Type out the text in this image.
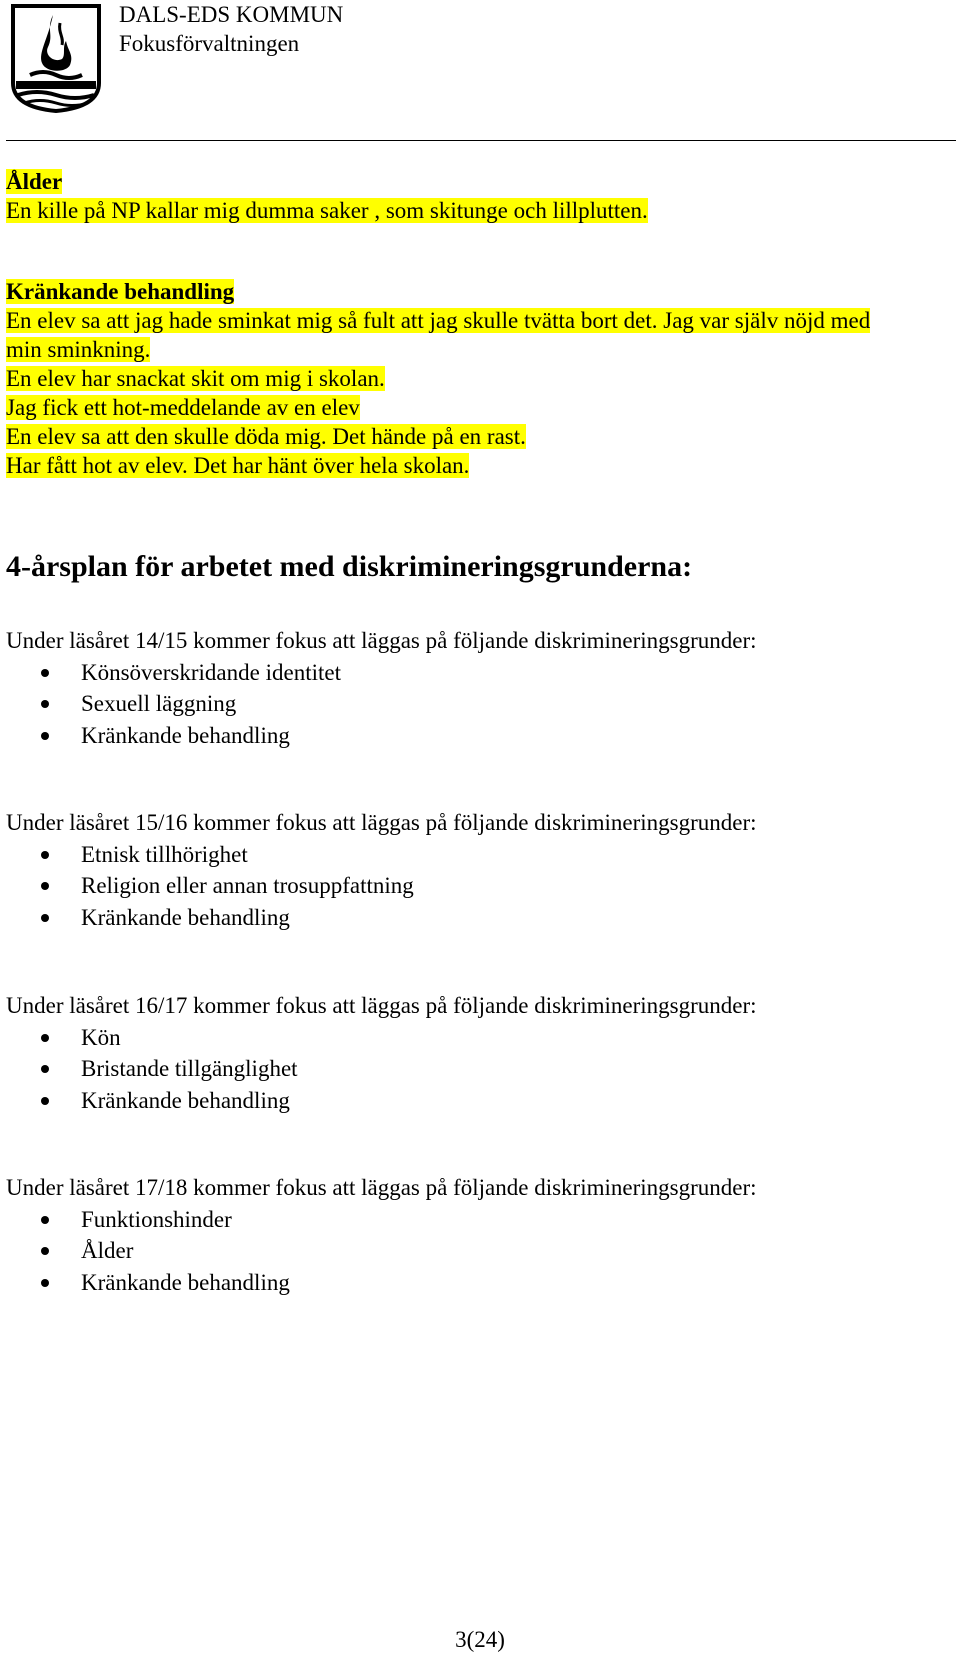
DALS-EDS KOMMUN
Fokusförvaltningen

Ålder

En kille på NP kallar mig dumma saker , som skitunge och lillplutten.

Kränkande behandling

En elev sa att jag hade sminkat mig så fult att jag skulle tvätta bort det. Jag var själv nöjd med

min sminkning.

En elev har snackat skit om mig i skolan.

Jag fick ett hot-meddelande av en elev

En elev sa att den skulle döda mig. Det hände på en rast.

Har fått hot av elev. Det har hänt över hela skolan.

4-årsplan för arbetet med diskrimineringsgrunderna:

Under läsåret 14/15 kommer fokus att läggas på följande diskrimineringsgrunder:

Könsöverskridande identitet
Sexuell läggning
Kränkande behandling

Under läsåret 15/16 kommer fokus att läggas på följande diskrimineringsgrunder:

Etnisk tillhörighet
Religion eller annan trosuppfattning
Kränkande behandling

Under läsåret 16/17 kommer fokus att läggas på följande diskrimineringsgrunder:

Kön
Bristande tillgänglighet
Kränkande behandling

Under läsåret 17/18 kommer fokus att läggas på följande diskrimineringsgrunder:

Funktionshinder
Ålder
Kränkande behandling
3(24)
